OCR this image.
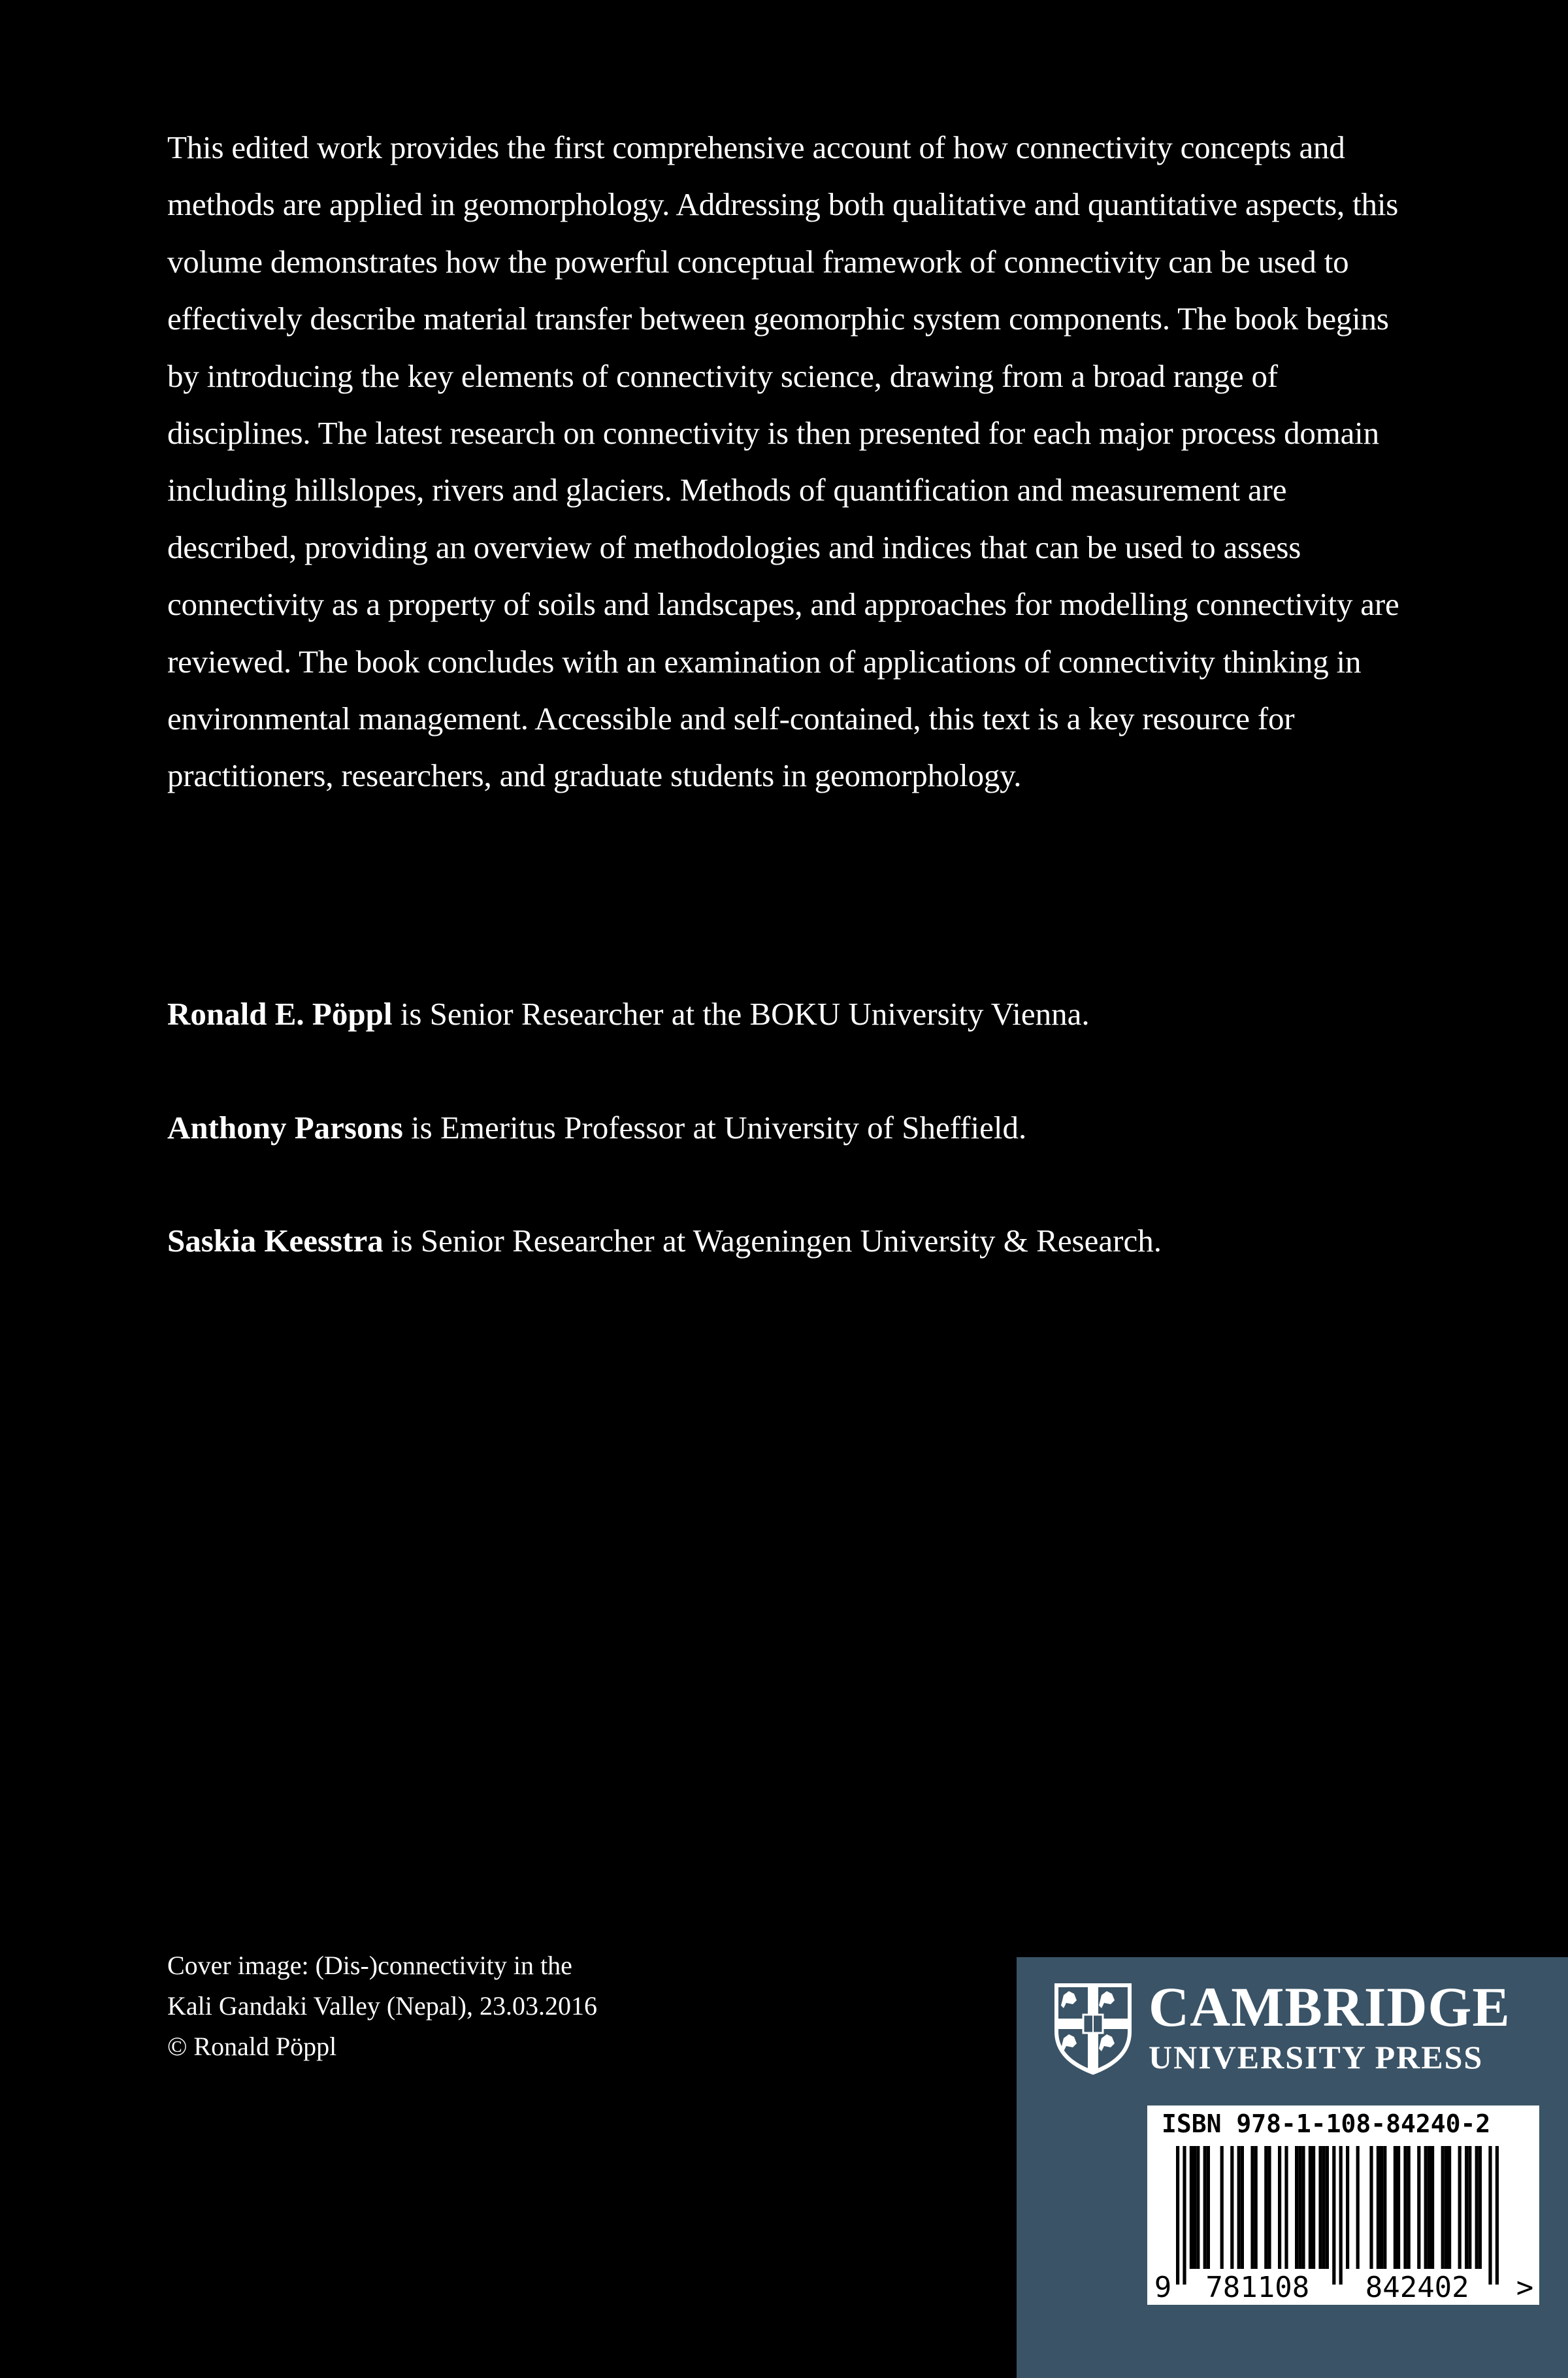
This edited work provides the first comprehensive account of how connectivity concepts and methods are applied in geomorphology. Addressing both qualitative and quantitative aspects, this volume demonstrates how the powerful conceptual framework of connectivity can be used to effectively describe material transfer between geomorphic system components. The book begins by introducing the key elements of connectivity science, drawing from a broad range of disciplines. The latest research on connectivity is then presented for each major process domain including hillslopes, rivers and glaciers. Methods of quantification and measurement are described, providing an overview of methodologies and indices that can be used to assess connectivity as a property of soils and landscapes, and approaches for modelling connectivity are reviewed. The book concludes with an examination of applications of connectivity thinking in environmental management. Accessible and self-contained, this text is a key resource for practitioners, researchers, and graduate students in geomorphology.

Ronald E. Pöppl is Senior Researcher at the BOKU University Vienna.

Anthony Parsons is Emeritus Professor at University of Sheffield.

Saskia Keesstra is Senior Researcher at Wageningen University & Research.

Cover image: (Dis-)connectivity in the
Kali Gandaki Valley (Nepal), 23.03.2016
© Ronald Pöppl

CAMBRIDGE
UNIVERSITY PRESS
9 781108 842402 >
ISBN 978-1-108-84240-2
